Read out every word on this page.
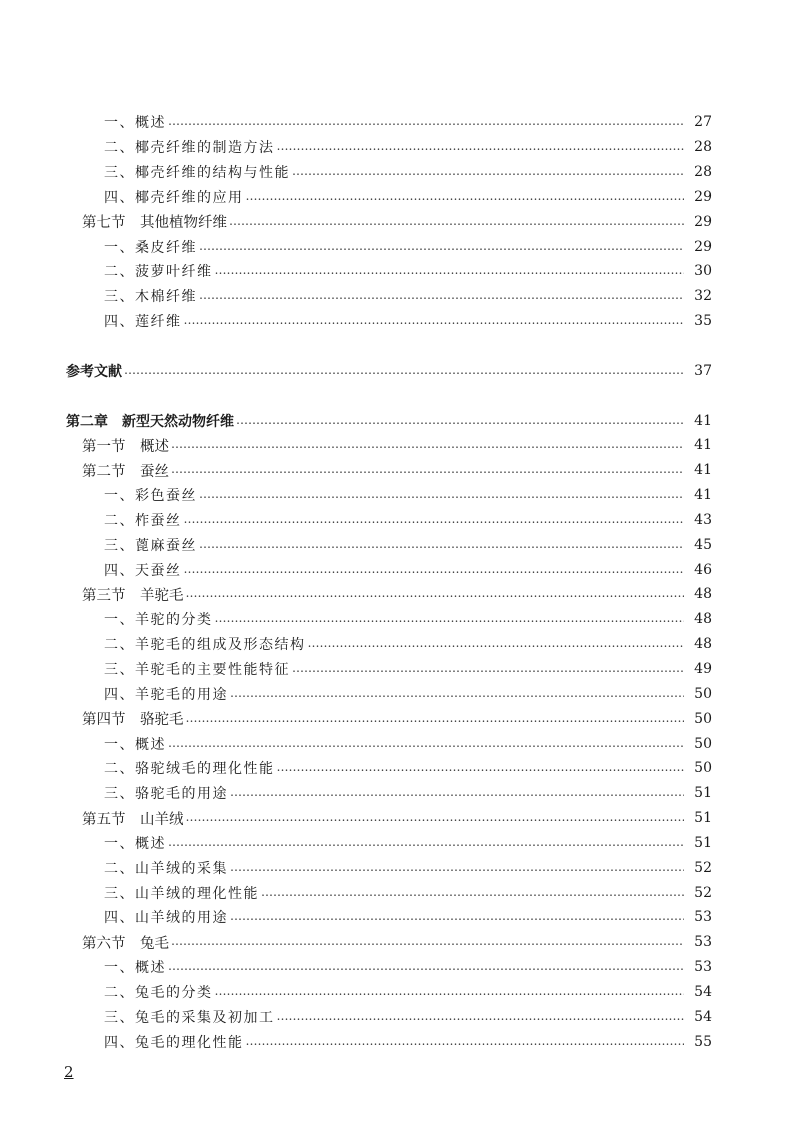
一、概述 ……………………………………………………………………………………………………………………………………………………………………………………………………	27
二、椰壳纤维的制造方法 ……………………………………………………………………………………………………………………………………………………………………………………………………	28
三、椰壳纤维的结构与性能 ……………………………………………………………………………………………………………………………………………………………………………………………………	28
四、椰壳纤维的应用 ……………………………………………………………………………………………………………………………………………………………………………………………………	29
第七节　其他植物纤维 ……………………………………………………………………………………………………………………………………………………………………………………………………	29
一、桑皮纤维 ……………………………………………………………………………………………………………………………………………………………………………………………………	29
二、菠萝叶纤维 ……………………………………………………………………………………………………………………………………………………………………………………………………	30
三、木棉纤维 ……………………………………………………………………………………………………………………………………………………………………………………………………	32
四、莲纤维 ……………………………………………………………………………………………………………………………………………………………………………………………………	35
参考文献 ……………………………………………………………………………………………………………………………………………………………………………………………………	37
第二章　新型天然动物纤维 ……………………………………………………………………………………………………………………………………………………………………………………………………	41
第一节　概述 ……………………………………………………………………………………………………………………………………………………………………………………………………	41
第二节　蚕丝 ……………………………………………………………………………………………………………………………………………………………………………………………………	41
一、彩色蚕丝 ……………………………………………………………………………………………………………………………………………………………………………………………………	41
二、柞蚕丝 ……………………………………………………………………………………………………………………………………………………………………………………………………	43
三、蓖麻蚕丝 ……………………………………………………………………………………………………………………………………………………………………………………………………	45
四、天蚕丝 ……………………………………………………………………………………………………………………………………………………………………………………………………	46
第三节　羊驼毛 ……………………………………………………………………………………………………………………………………………………………………………………………………	48
一、羊驼的分类 ……………………………………………………………………………………………………………………………………………………………………………………………………	48
二、羊驼毛的组成及形态结构 ……………………………………………………………………………………………………………………………………………………………………………………………………	48
三、羊驼毛的主要性能特征 ……………………………………………………………………………………………………………………………………………………………………………………………………	49
四、羊驼毛的用途 ……………………………………………………………………………………………………………………………………………………………………………………………………	50
第四节　骆驼毛 ……………………………………………………………………………………………………………………………………………………………………………………………………	50
一、概述 ……………………………………………………………………………………………………………………………………………………………………………………………………	50
二、骆驼绒毛的理化性能 ……………………………………………………………………………………………………………………………………………………………………………………………………	50
三、骆驼毛的用途 ……………………………………………………………………………………………………………………………………………………………………………………………………	51
第五节　山羊绒 ……………………………………………………………………………………………………………………………………………………………………………………………………	51
一、概述 ……………………………………………………………………………………………………………………………………………………………………………………………………	51
二、山羊绒的采集 ……………………………………………………………………………………………………………………………………………………………………………………………………	52
三、山羊绒的理化性能 ……………………………………………………………………………………………………………………………………………………………………………………………………	52
四、山羊绒的用途 ……………………………………………………………………………………………………………………………………………………………………………………………………	53
第六节　兔毛 ……………………………………………………………………………………………………………………………………………………………………………………………………	53
一、概述 ……………………………………………………………………………………………………………………………………………………………………………………………………	53
二、兔毛的分类 ……………………………………………………………………………………………………………………………………………………………………………………………………	54
三、兔毛的采集及初加工 ……………………………………………………………………………………………………………………………………………………………………………………………………	54
四、兔毛的理化性能 ……………………………………………………………………………………………………………………………………………………………………………………………………	55
2
